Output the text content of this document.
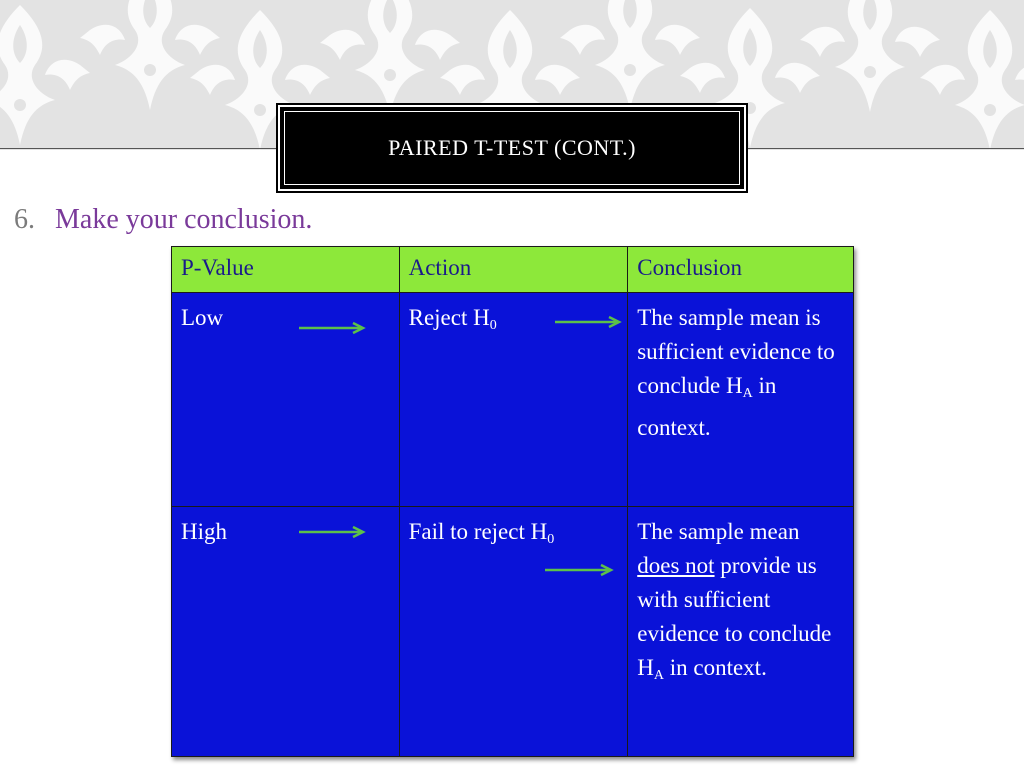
PAIRED T-TEST (CONT.)
6. Make your conclusion.
P-Value	Action	Conclusion

Low	Reject $H_0$	The sample mean is sufficient evidence to conclude $H_A$ in context.

High	Fail to reject $H_0$	The sample mean does not provide us with sufficient evidence to conclude $H_A$ in context.
